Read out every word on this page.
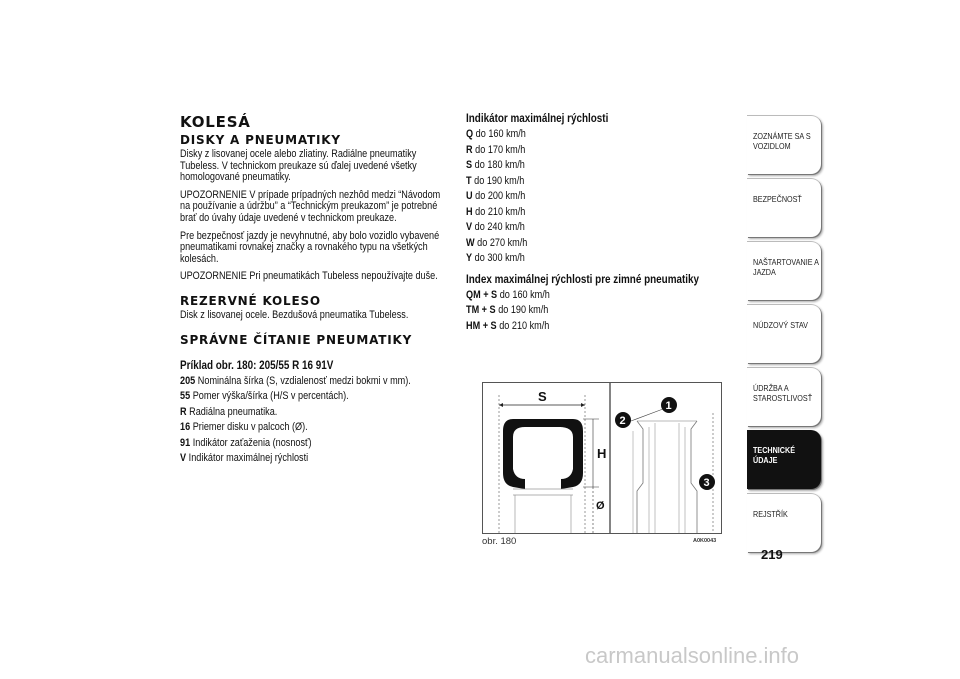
KOLESÁ
DISKY A PNEUMATIKY

Disky z lisovanej ocele alebo zliatiny. Radiálne pneumatiky Tubeless. V technickom preukaze sú ďalej uvedené všetky homologované pneumatiky.

UPOZORNENIE V prípade prípadných nezhôd medzi “Návodom na používanie a údržbu” a “Technickým preukazom” je potrebné brať do úvahy údaje uvedené v technickom preukaze.

Pre bezpečnosť jazdy je nevyhnutné, aby bolo vozidlo vybavené pneumatikami rovnakej značky a rovnakého typu na všetkých kolesách.

UPOZORNENIE Pri pneumatikách Tubeless nepoužívajte duše.

REZERVNÉ KOLESO

Disk z lisovanej ocele. Bezdušová pneumatika Tubeless.

SPRÁVNE ČÍTANIE PNEUMATIKY
Príklad obr. 180: 205/55 R 16 91V
205 Nominálna šírka (S, vzdialenosť medzi bokmi v mm).
55 Pomer výška/šírka (H/S v percentách).
R Radiálna pneumatika.
16 Priemer disku v palcoch (Ø).
91 Indikátor zaťaženia (nosnosť)
V Indikátor maximálnej rýchlosti
Indikátor maximálnej rýchlosti
Q do 160 km/h
R do 170 km/h
S do 180 km/h
T do 190 km/h
U do 200 km/h
H do 210 km/h
V do 240 km/h
W do 270 km/h
Y do 300 km/h
Index maximálnej rýchlosti pre zimné pneumatiky
QM + S do 160 km/h
TM + S do 190 km/h
HM + S do 210 km/h
S
H
Ø
1
2
3
obr. 180	A0K0043
ZOZNÁMTE SA S VOZIDLOM
BEZPEČNOSŤ
NAŠTARTOVANIE A JAZDA
NÚDZOVÝ STAV
ÚDRŽBA A STAROSTLIVOSŤ
TECHNICKÉ ÚDAJE
REJSTŘÍK
219
carmanualsonline.info
